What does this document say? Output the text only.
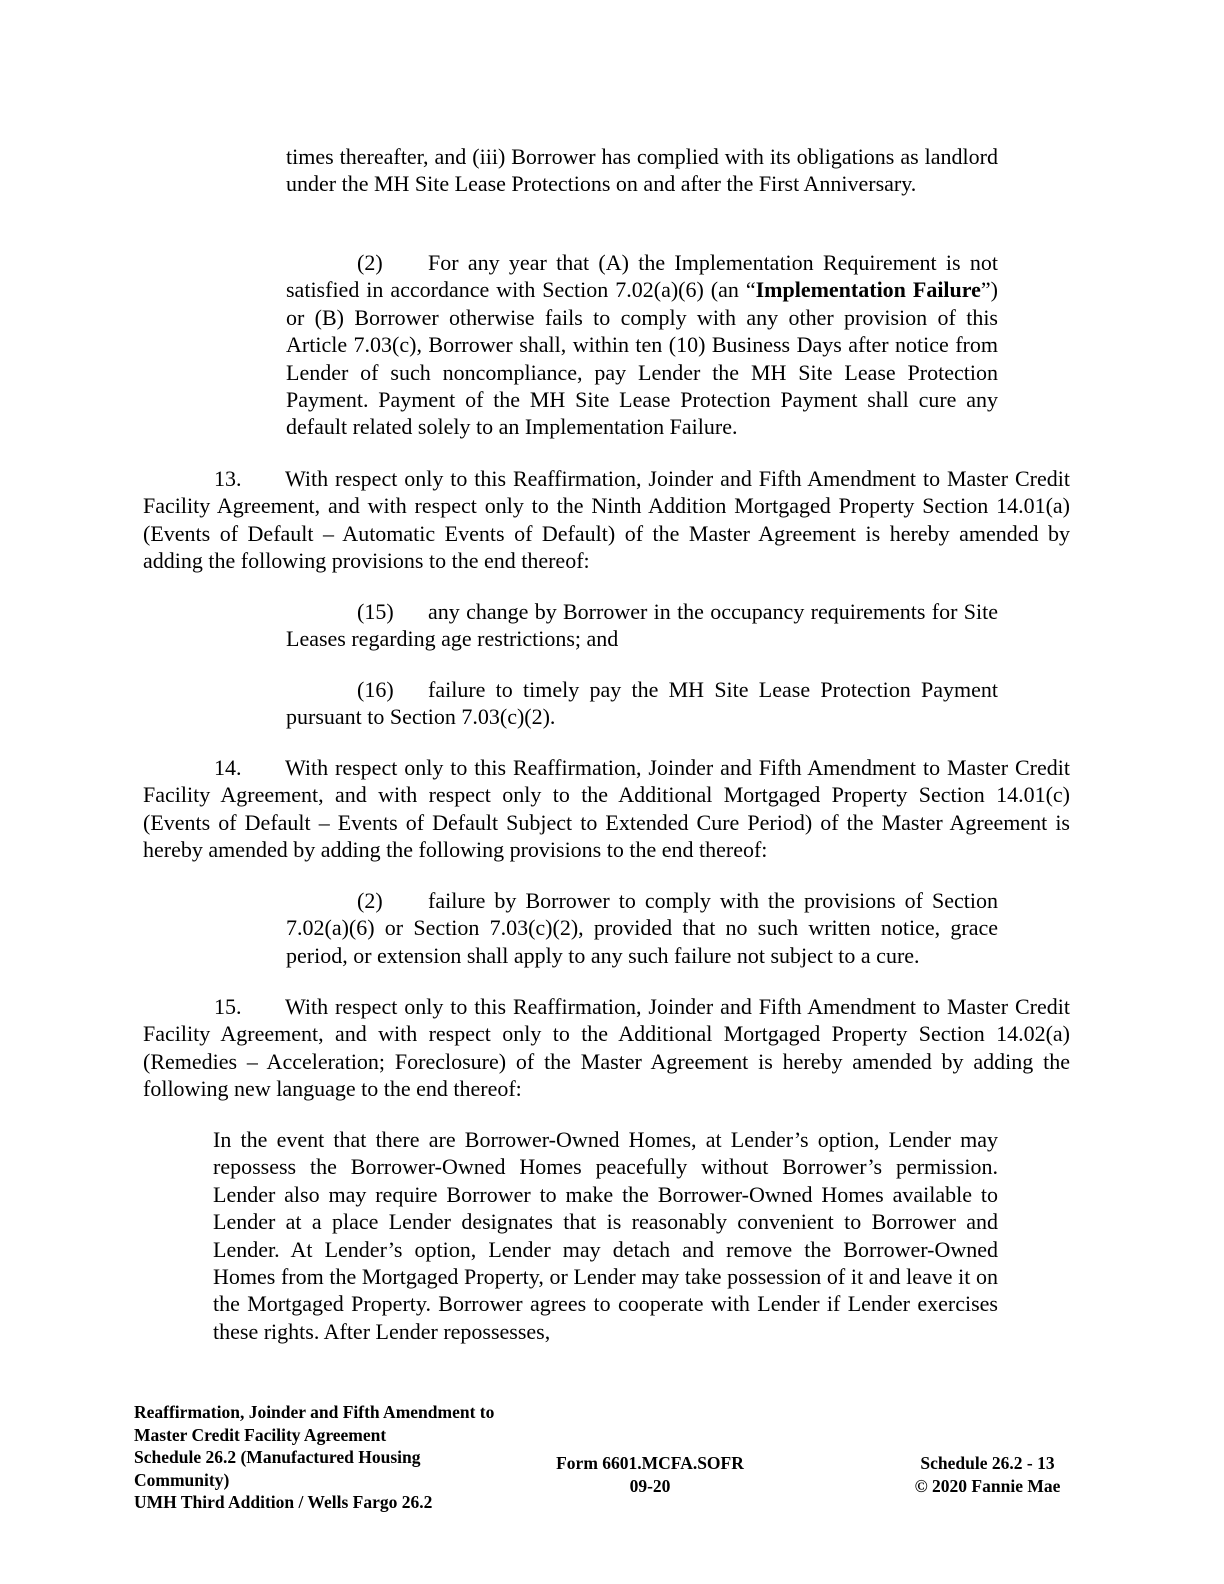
times thereafter, and (iii) Borrower has complied with its obligations as landlord under the MH Site Lease Protections on and after the First Anniversary.

(2) For any year that (A) the Implementation Requirement is not satisfied in accordance with Section 7.02(a)(6) (an “Implementation Failure”) or (B) Borrower otherwise fails to comply with any other provision of this Article 7.03(c), Borrower shall, within ten (10) Business Days after notice from Lender of such noncompliance, pay Lender the MH Site Lease Protection Payment. Payment of the MH Site Lease Protection Payment shall cure any default related solely to an Implementation Failure.

13. With respect only to this Reaffirmation, Joinder and Fifth Amendment to Master Credit Facility Agreement, and with respect only to the Ninth Addition Mortgaged Property Section 14.01(a) (Events of Default – Automatic Events of Default) of the Master Agreement is hereby amended by adding the following provisions to the end thereof:

(15) any change by Borrower in the occupancy requirements for Site Leases regarding age restrictions; and

(16) failure to timely pay the MH Site Lease Protection Payment pursuant to Section 7.03(c)(2).

14. With respect only to this Reaffirmation, Joinder and Fifth Amendment to Master Credit Facility Agreement, and with respect only to the Additional Mortgaged Property Section 14.01(c) (Events of Default – Events of Default Subject to Extended Cure Period) of the Master Agreement is hereby amended by adding the following provisions to the end thereof:

(2) failure by Borrower to comply with the provisions of Section 7.02(a)(6) or Section 7.03(c)(2), provided that no such written notice, grace period, or extension shall apply to any such failure not subject to a cure.

15. With respect only to this Reaffirmation, Joinder and Fifth Amendment to Master Credit Facility Agreement, and with respect only to the Additional Mortgaged Property Section 14.02(a) (Remedies – Acceleration; Foreclosure) of the Master Agreement is hereby amended by adding the following new language to the end thereof:

In the event that there are Borrower-Owned Homes, at Lender’s option, Lender may repossess the Borrower-Owned Homes peacefully without Borrower’s permission. Lender also may require Borrower to make the Borrower-Owned Homes available to Lender at a place Lender designates that is reasonably convenient to Borrower and Lender. At Lender’s option, Lender may detach and remove the Borrower-Owned Homes from the Mortgaged Property, or Lender may take possession of it and leave it on the Mortgaged Property. Borrower agrees to cooperate with Lender if Lender exercises these rights. After Lender repossesses,

Reaffirmation, Joinder and Fifth Amendment to
Master Credit Facility Agreement
Schedule 26.2 (Manufactured Housing
Community)
UMH Third Addition / Wells Fargo 26.2
Form 6601.MCFA.SOFR
09-20
Schedule 26.2 - 13
© 2020 Fannie Mae
